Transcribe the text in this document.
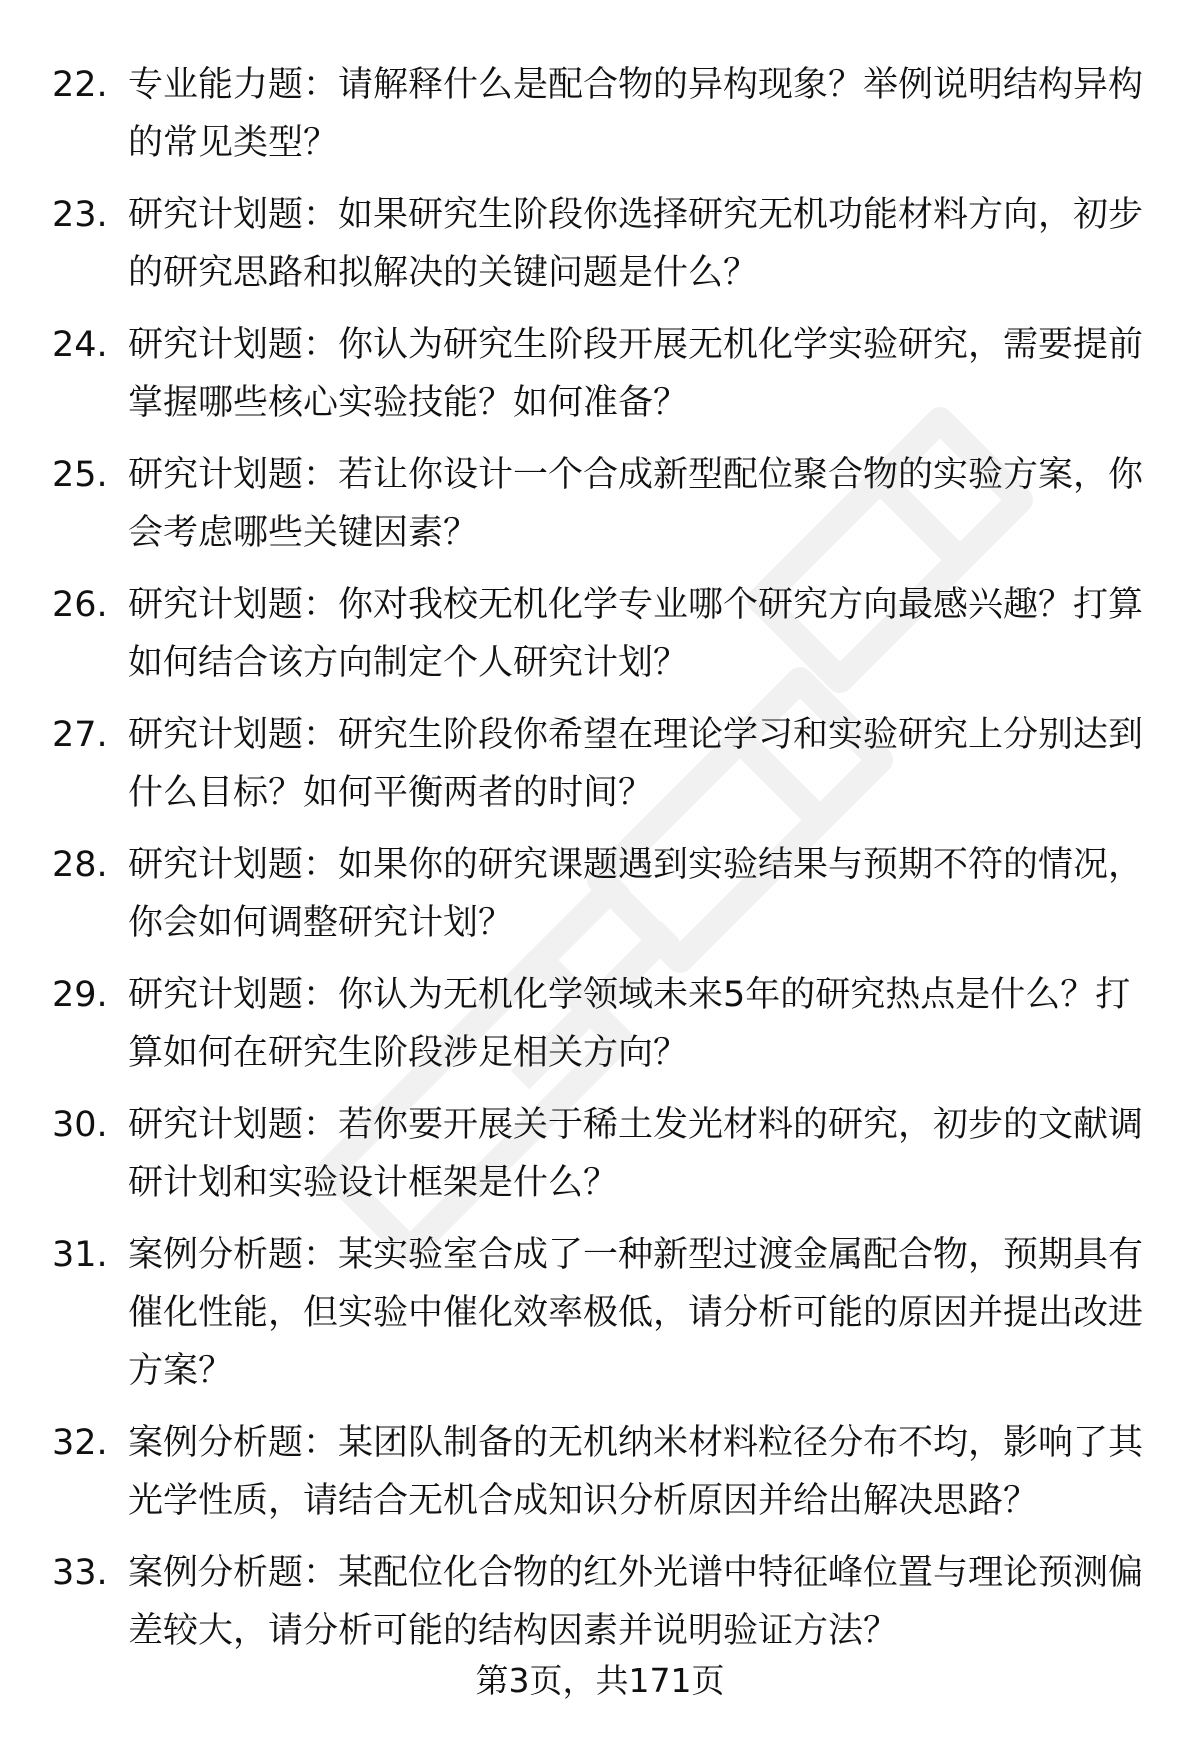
22. 专业能力题：请解释什么是配合物的异构现象？举例说明结构异构的常见类型？
23. 研究计划题：如果研究生阶段你选择研究无机功能材料方向，初步的研究思路和拟解决的关键问题是什么？
24. 研究计划题：你认为研究生阶段开展无机化学实验研究，需要提前掌握哪些核心实验技能？如何准备？
25. 研究计划题：若让你设计一个合成新型配位聚合物的实验方案，你会考虑哪些关键因素？
26. 研究计划题：你对我校无机化学专业哪个研究方向最感兴趣？打算如何结合该方向制定个人研究计划？
27. 研究计划题：研究生阶段你希望在理论学习和实验研究上分别达到什么目标？如何平衡两者的时间？
28. 研究计划题：如果你的研究课题遇到实验结果与预期不符的情况，你会如何调整研究计划？
29. 研究计划题：你认为无机化学领域未来5年的研究热点是什么？打算如何在研究生阶段涉足相关方向？
30. 研究计划题：若你要开展关于稀土发光材料的研究，初步的文献调研计划和实验设计框架是什么？
31. 案例分析题：某实验室合成了一种新型过渡金属配合物，预期具有催化性能，但实验中催化效率极低，请分析可能的原因并提出改进方案？
32. 案例分析题：某团队制备的无机纳米材料粒径分布不均，影响了其光学性质，请结合无机合成知识分析原因并给出解决思路？
33. 案例分析题：某配位化合物的红外光谱中特征峰位置与理论预测偏差较大，请分析可能的结构因素并说明验证方法？
第3页，共171页
